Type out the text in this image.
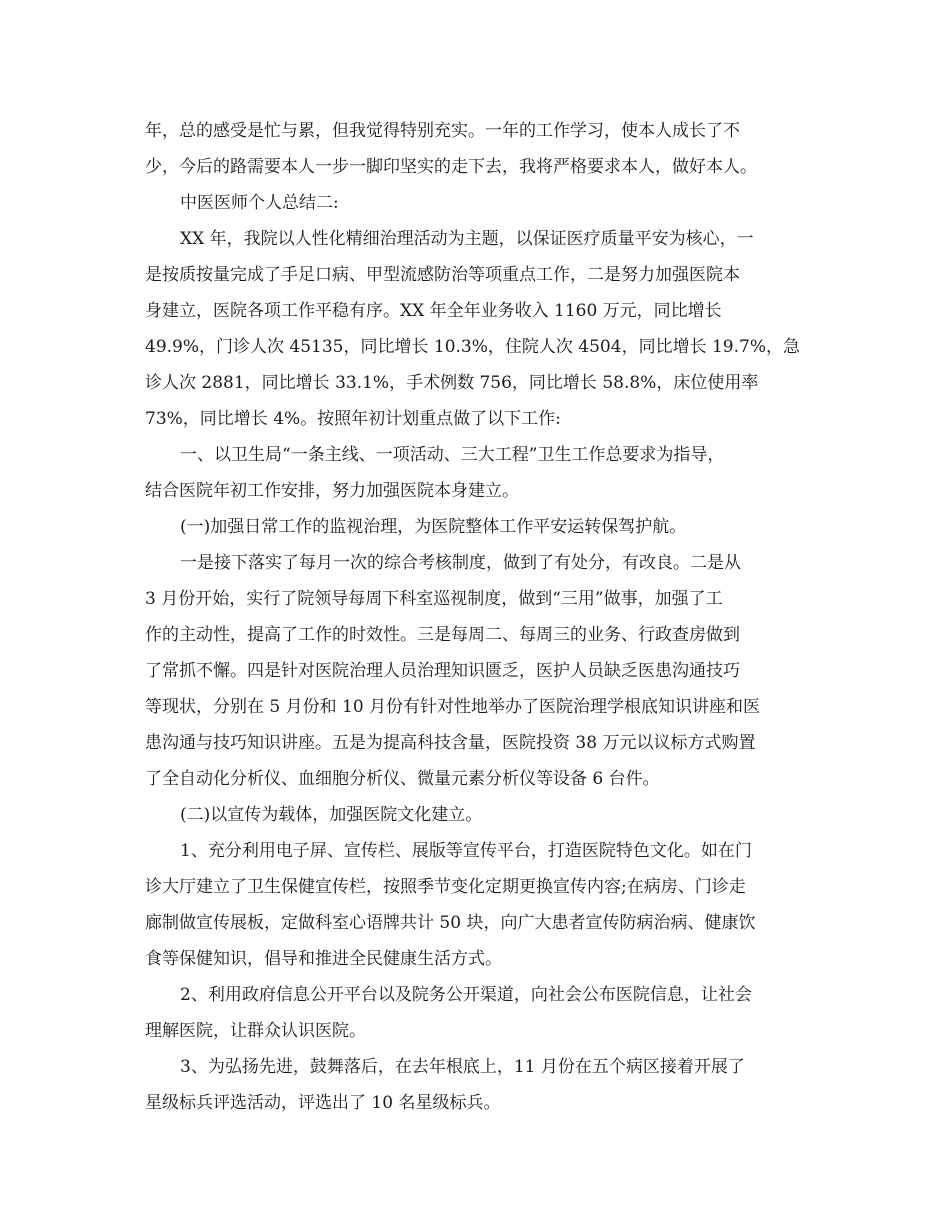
年，总的感受是忙与累，但我觉得特别充实。一年的工作学习，使本人成长了不
少，今后的路需要本人一步一脚印坚实的走下去，我将严格要求本人，做好本人。
中医医师个人总结二:
XX 年，我院以人性化精细治理活动为主题，以保证医疗质量平安为核心，一
是按质按量完成了手足口病、甲型流感防治等项重点工作，二是努力加强医院本
身建立，医院各项工作平稳有序。XX 年全年业务收入 1160 万元，同比增长
49.9%，门诊人次 45135，同比增长 10.3%，住院人次 4504，同比增长 19.7%，急
诊人次 2881，同比增长 33.1%，手术例数 756，同比增长 58.8%，床位使用率
73%，同比增长 4%。按照年初计划重点做了以下工作:
一、以卫生局“一条主线、一项活动、三大工程”卫生工作总要求为指导，
结合医院年初工作安排，努力加强医院本身建立。
(一)加强日常工作的监视治理，为医院整体工作平安运转保驾护航。
一是接下落实了每月一次的综合考核制度，做到了有处分，有改良。二是从
3 月份开始，实行了院领导每周下科室巡视制度，做到“三用”做事，加强了工
作的主动性，提高了工作的时效性。三是每周二、每周三的业务、行政查房做到
了常抓不懈。四是针对医院治理人员治理知识匮乏，医护人员缺乏医患沟通技巧
等现状，分别在 5 月份和 10 月份有针对性地举办了医院治理学根底知识讲座和医
患沟通与技巧知识讲座。五是为提高科技含量，医院投资 38 万元以议标方式购置
了全自动化分析仪、血细胞分析仪、微量元素分析仪等设备 6 台件。
(二)以宣传为载体，加强医院文化建立。
1、充分利用电子屏、宣传栏、展版等宣传平台，打造医院特色文化。如在门
诊大厅建立了卫生保健宣传栏，按照季节变化定期更换宣传内容;在病房、门诊走
廊制做宣传展板，定做科室心语牌共计 50 块，向广大患者宣传防病治病、健康饮
食等保健知识，倡导和推进全民健康生活方式。
2、利用政府信息公开平台以及院务公开渠道，向社会公布医院信息，让社会
理解医院，让群众认识医院。
3、为弘扬先进，鼓舞落后，在去年根底上，11 月份在五个病区接着开展了
星级标兵评选活动，评选出了 10 名星级标兵。
